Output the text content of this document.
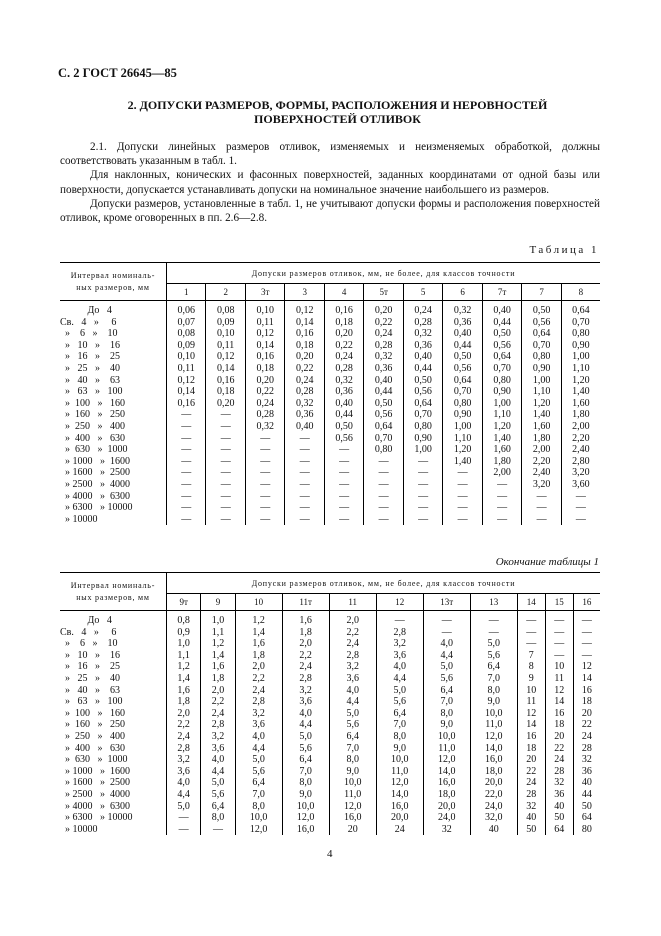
С. 2 ГОСТ 26645—85
2. ДОПУСКИ РАЗМЕРОВ, ФОРМЫ, РАСПОЛОЖЕНИЯ И НЕРОВНОСТЕЙ
ПОВЕРХНОСТЕЙ ОТЛИВОК

2.1. Допуски линейных размеров отливок, изменяемых и неизменяемых обработкой, должны соответствовать указанным в табл. 1.

Для наклонных, конических и фасонных поверхностей, заданных координатами от одной базы или поверхности, допускается устанавливать допуски на номинальное значение наибольшего из размеров.

Допуски размеров, установленные в табл. 1, не учитывают допуски формы и расположения поверхностей отливок, кроме оговоренных в пп. 2.6—2.8.

Таблица 1
Интервал номиналь-
ных размеров, мм	Допуски размеров отливок, мм, не более, для классов точности										
	1	2	3т	3	4	5т	5	6	7т	7	8

До   4	0,06	0,08	0,10	0,12	0,16	0,20	0,24	0,32	0,40	0,50	0,64
Св.   4   »     6	0,07	0,09	0,11	0,14	0,18	0,22	0,28	0,36	0,44	0,56	0,70
»    6   »    10	0,08	0,10	0,12	0,16	0,20	0,24	0,32	0,40	0,50	0,64	0,80
»   10   »    16	0,09	0,11	0,14	0,18	0,22	0,28	0,36	0,44	0,56	0,70	0,90
»   16   »    25	0,10	0,12	0,16	0,20	0,24	0,32	0,40	0,50	0,64	0,80	1,00
»   25   »    40	0,11	0,14	0,18	0,22	0,28	0,36	0,44	0,56	0,70	0,90	1,10
»   40   »    63	0,12	0,16	0,20	0,24	0,32	0,40	0,50	0,64	0,80	1,00	1,20
»   63   »   100	0,14	0,18	0,22	0,28	0,36	0,44	0,56	0,70	0,90	1,10	1,40
»  100   »   160	0,16	0,20	0,24	0,32	0,40	0,50	0,64	0,80	1,00	1,20	1,60
»  160   »   250	—	—	0,28	0,36	0,44	0,56	0,70	0,90	1,10	1,40	1,80
»  250   »   400	—	—	0,32	0,40	0,50	0,64	0,80	1,00	1,20	1,60	2,00
»  400   »   630	—	—	—	—	0,56	0,70	0,90	1,10	1,40	1,80	2,20
»  630   »  1000	—	—	—	—	—	0,80	1,00	1,20	1,60	2,00	2,40
» 1000   »  1600	—	—	—	—	—	—	—	1,40	1,80	2,20	2,80
» 1600   »  2500	—	—	—	—	—	—	—	—	2,00	2,40	3,20
» 2500   »  4000	—	—	—	—	—	—	—	—	—	3,20	3,60
» 4000   »  6300	—	—	—	—	—	—	—	—	—	—	—
» 6300   » 10000	—	—	—	—	—	—	—	—	—	—	—
» 10000	—	—	—	—	—	—	—	—	—	—	—
Окончание таблицы 1
Интервал номиналь-
ных размеров, мм	Допуски размеров отливок, мм, не более, для классов точности										
	9т	9	10	11т	11	12	13т	13	14	15	16

До   4	0,8	1,0	1,2	1,6	2,0	—	—	—	—	—	—
Св.   4   »     6	0,9	1,1	1,4	1,8	2,2	2,8	—	—	—	—	—
»    6   »    10	1,0	1,2	1,6	2,0	2,4	3,2	4,0	5,0	—	—	—
»   10   »    16	1,1	1,4	1,8	2,2	2,8	3,6	4,4	5,6	7	—	—
»   16   »    25	1,2	1,6	2,0	2,4	3,2	4,0	5,0	6,4	8	10	12
»   25   »    40	1,4	1,8	2,2	2,8	3,6	4,4	5,6	7,0	9	11	14
»   40   »    63	1,6	2,0	2,4	3,2	4,0	5,0	6,4	8,0	10	12	16
»   63   »   100	1,8	2,2	2,8	3,6	4,4	5,6	7,0	9,0	11	14	18
»  100   »   160	2,0	2,4	3,2	4,0	5,0	6,4	8,0	10,0	12	16	20
»  160   »   250	2,2	2,8	3,6	4,4	5,6	7,0	9,0	11,0	14	18	22
»  250   »   400	2,4	3,2	4,0	5,0	6,4	8,0	10,0	12,0	16	20	24
»  400   »   630	2,8	3,6	4,4	5,6	7,0	9,0	11,0	14,0	18	22	28
»  630   »  1000	3,2	4,0	5,0	6,4	8,0	10,0	12,0	16,0	20	24	32
» 1000   »  1600	3,6	4,4	5,6	7,0	9,0	11,0	14,0	18,0	22	28	36
» 1600   »  2500	4,0	5,0	6,4	8,0	10,0	12,0	16,0	20,0	24	32	40
» 2500   »  4000	4,4	5,6	7,0	9,0	11,0	14,0	18,0	22,0	28	36	44
» 4000   »  6300	5,0	6,4	8,0	10,0	12,0	16,0	20,0	24,0	32	40	50
» 6300   » 10000	—	8,0	10,0	12,0	16,0	20,0	24,0	32,0	40	50	64
» 10000	—	—	12,0	16,0	20	24	32	40	50	64	80
4
